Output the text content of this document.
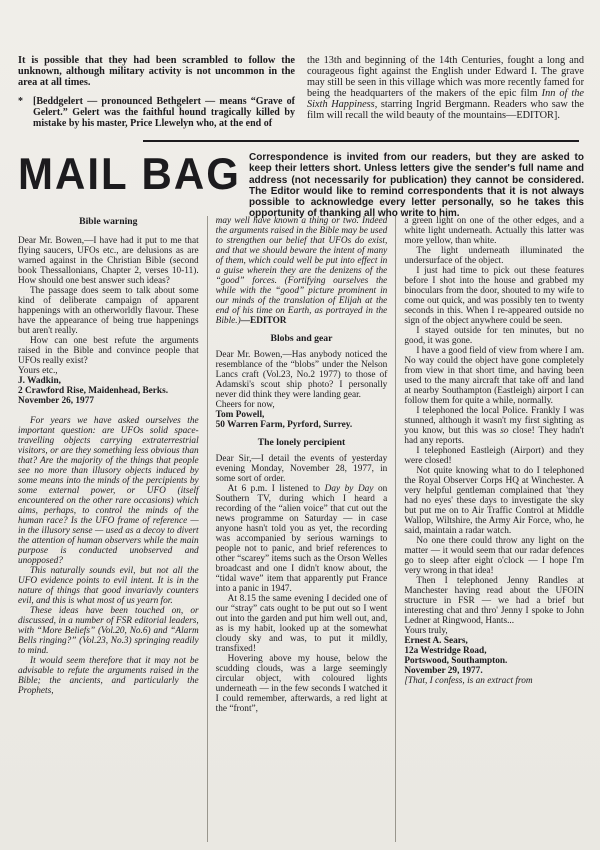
It is possible that they had been scrambled to follow the unknown, although military activity is not uncommon in the area at all times.

*	[Beddgelert — pronounced Bethgelert — means “Grave of Gelert.” Gelert was the faithful hound tragically killed by mistake by his master, Price Llewelyn who, at the end of

the 13th and beginning of the 14th Centuries, fought a long and courageous fight against the English under Edward I. The grave may still be seen in this village which was more recently famed for being the headquarters of the makers of the epic film Inn of the Sixth Happiness, starring Ingrid Bergmann. Readers who saw the film will recall the wild beauty of the mountains—EDITOR].

MAIL BAG Correspondence is invited from our readers, but they are asked to keep their letters short. Unless letters give the sender's full name and address (not necessarily for publication) they cannot be considered. The Editor would like to remind correspondents that it is not always possible to acknowledge every letter personally, so he takes this opportunity of thanking all who write to him.

Bible warning

Dear Mr. Bowen,—I have had it put to me that flying saucers, UFOs etc., are delusions as are warned against in the Christian Bible (second book Thessallonians, Chapter 2, verses 10-11). How should one best answer such ideas?

The passage does seem to talk about some kind of deliberate campaign of apparent happenings with an otherworldly flavour. These have the appearance of being true happenings but aren't really.

How can one best refute the arguments raised in the Bible and convince people that UFOs really exist?

Yours etc.,

J. Wadkin,

2 Crawford Rise, Maidenhead, Berks.

November 26, 1977

For years we have asked ourselves the important question: are UFOs solid space-travelling objects carrying extraterrestrial visitors, or are they something less obvious than that? Are the majority of the things that people see no more than illusory objects induced by some means into the minds of the percipients by some external power, or UFO (itself encountered on the other rare occasions) which aims, perhaps, to control the minds of the human race? Is the UFO frame of reference — in the illusory sense — used as a decoy to divert the attention of human observers while the main purpose is conducted unobserved and unopposed?

This naturally sounds evil, but not all the UFO evidence points to evil intent. It is in the nature of things that good invariavly counters evil, and this is what most of us yearn for.

These ideas have been touched on, or discussed, in a number of FSR editorial leaders, with “More Beliefs” (Vol.20, No.6) and “Alarm Bells ringing?” (Vol.23, No.3) springing readily to mind.

It would seem therefore that it may not be advisable to refute the arguments raised in the Bible; the ancients, and particularly the Prophets,

may well have known a thing or two. Indeed the arguments raised in the Bible may be used to strengthen our belief that UFOs do exist, and that we should beware the intent of many of them, which could well be put into effect in a guise wherein they are the denizens of the “good” forces. (Fortifying ourselves the while with the “good” picture prominent in our minds of the translation of Elijah at the end of his time on Earth, as portrayed in the Bible.)—EDITOR

Blobs and gear

Dear Mr. Bowen,—Has anybody noticed the resemblance of the “blobs” under the Nelson Lancs craft (Vol.23, No.2 1977) to those of Adamski's scout ship photo? I personally never did think they were landing gear.

Cheers for now,

Tom Powell,

50 Warren Farm, Pyrford, Surrey.

The lonely percipient

Dear Sir,—I detail the events of yesterday evening Monday, November 28, 1977, in some sort of order.

At 6 p.m. I listened to Day by Day on Southern TV, during which I heard a recording of the “alien voice” that cut out the news programme on Saturday — in case anyone hasn't told you as yet, the recording was accompanied by serious warnings to people not to panic, and brief references to other “scarey” items such as the Orson Welles broadcast and one I didn't know about, the “tidal wave” item that apparently put France into a panic in 1947.

At 8.15 the same evening I decided one of our “stray” cats ought to be put out so I went out into the garden and put him well out, and, as is my habit, looked up at the somewhat cloudy sky and was, to put it mildly, transfixed!

Hovering above my house, below the scudding clouds, was a large seemingly circular object, with coloured lights underneath — in the few seconds I watched it I could remember, afterwards, a red light at the “front”,

a green light on one of the other edges, and a white light underneath. Actually this latter was more yellow, than white.

The light underneath illuminated the undersurface of the object.

I just had time to pick out these features before I shot into the house and grabbed my binoculars from the door, shouted to my wife to come out quick, and was possibly ten to twenty seconds in this. When I re-appeared outside no sign of the object anywhere could be seen.

I stayed outside for ten minutes, but no good, it was gone.

I have a good field of view from where I am. No way could the object have gone completely from view in that short time, and having been used to the many aircraft that take off and land at nearby Southampton (Eastleigh) airport I can follow them for quite a while, normally.

I telephoned the local Police. Frankly I was stunned, although it wasn't my first sighting as you know, but this was so close! They hadn't had any reports.

I telephoned Eastleigh (Airport) and they were closed!

Not quite knowing what to do I telephoned the Royal Observer Corps HQ at Winchester. A very helpful gentleman complained that 'they had no eyes' these days to investigate the sky but put me on to Air Traffic Control at Middle Wallop, Wiltshire, the Army Air Force, who, he said, maintain a radar watch.

No one there could throw any light on the matter — it would seem that our radar defences go to sleep after eight o'clock — I hope I'm very wrong in that idea!

Then I telephoned Jenny Randles at Manchester having read about the UFOIN structure in FSR — we had a brief but interesting chat and thro' Jenny I spoke to John Ledner at Ringwood, Hants...

Yours truly,

Ernest A. Sears,

12a Westridge Road,

Portswood, Southampton.

November 29, 1977.

[That, I confess, is an extract from
